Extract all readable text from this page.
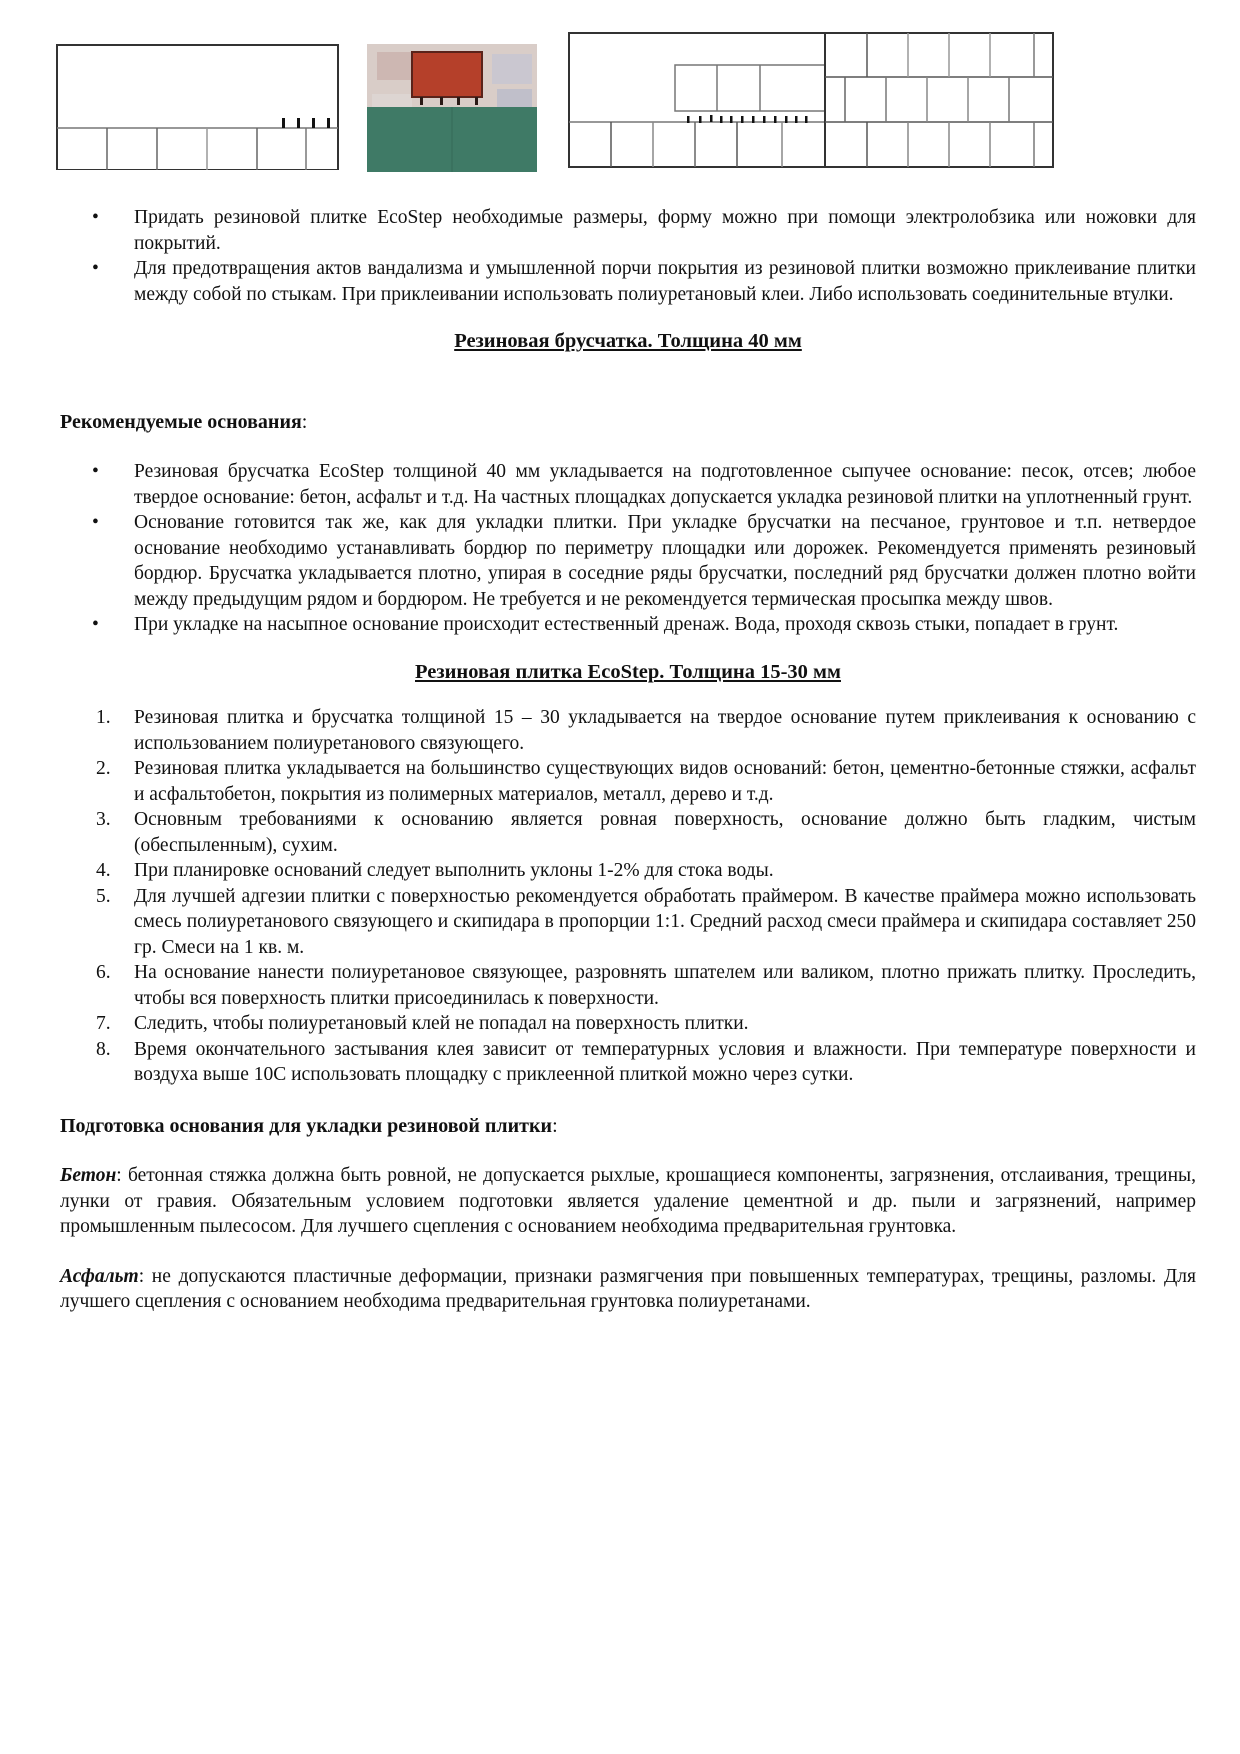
• Придать резиновой плитке EcoStep необходимые размеры, форму можно при помощи электролобзика или ножовки для покрытий.
• Для предотвращения актов вандализма и умышленной порчи покрытия из резиновой плитки возможно приклеивание плитки между собой по стыкам. При приклеивании использовать полиуретановый клеи. Либо использовать соединительные втулки.
Резиновая брусчатка. Толщина 40 мм
Рекомендуемые основания:
• Резиновая брусчатка EcoStep толщиной 40 мм укладывается на подготовленное сыпучее основание: песок, отсев; любое твердое основание: бетон, асфальт и т.д. На частных площадках допускается укладка резиновой плитки на уплотненный грунт.
• Основание готовится так же, как для укладки плитки. При укладке брусчатки на песчаное, грунтовое и т.п. нетвердое основание необходимо устанавливать бордюр по периметру площадки или дорожек. Рекомендуется применять резиновый бордюр. Брусчатка укладывается плотно, упирая в соседние ряды брусчатки, последний ряд брусчатки должен плотно войти между предыдущим рядом и бордюром. Не требуется и не рекомендуется термическая просыпка между швов.
• При укладке на насыпное основание происходит естественный дренаж. Вода, проходя сквозь стыки, попадает в грунт.
Резиновая плитка EcoStep. Толщина 15-30 мм
1. Резиновая плитка и брусчатка толщиной 15 – 30 укладывается на твердое основание путем приклеивания к основанию с использованием полиуретанового связующего.
2. Резиновая плитка укладывается на большинство существующих видов оснований: бетон, цементно-бетонные стяжки, асфальт и асфальтобетон, покрытия из полимерных материалов, металл, дерево и т.д.
3. Основным требованиями к основанию является ровная поверхность, основание должно быть гладким, чистым (обеспыленным), сухим.
4. При планировке оснований следует выполнить уклоны 1-2% для стока воды.
5. Для лучшей адгезии плитки с поверхностью рекомендуется обработать праймером. В качестве праймера можно использовать смесь полиуретанового связующего и скипидара в пропорции 1:1. Средний расход смеси праймера и скипидара составляет 250 гр. Смеси на 1 кв. м.
6. На основание нанести полиуретановое связующее, разровнять шпателем или валиком, плотно прижать плитку. Проследить, чтобы вся поверхность плитки присоединилась к поверхности.
7. Следить, чтобы полиуретановый клей не попадал на поверхность плитки.
8. Время окончательного застывания клея зависит от температурных условия и влажности. При температуре поверхности и воздуха выше 10С использовать площадку с приклеенной плиткой можно через сутки.
Подготовка основания для укладки резиновой плитки:

Бетон: бетонная стяжка должна быть ровной, не допускается рыхлые, крошащиеся компоненты, загрязнения, отслаивания, трещины, лунки от гравия. Обязательным условием подготовки является удаление цементной и др. пыли и загрязнений, например промышленным пылесосом. Для лучшего сцепления с основанием необходима предварительная грунтовка.

Асфальт: не допускаются пластичные деформации, признаки размягчения при повышенных температурах, трещины, разломы. Для лучшего сцепления с основанием необходима предварительная грунтовка полиуретанами.
